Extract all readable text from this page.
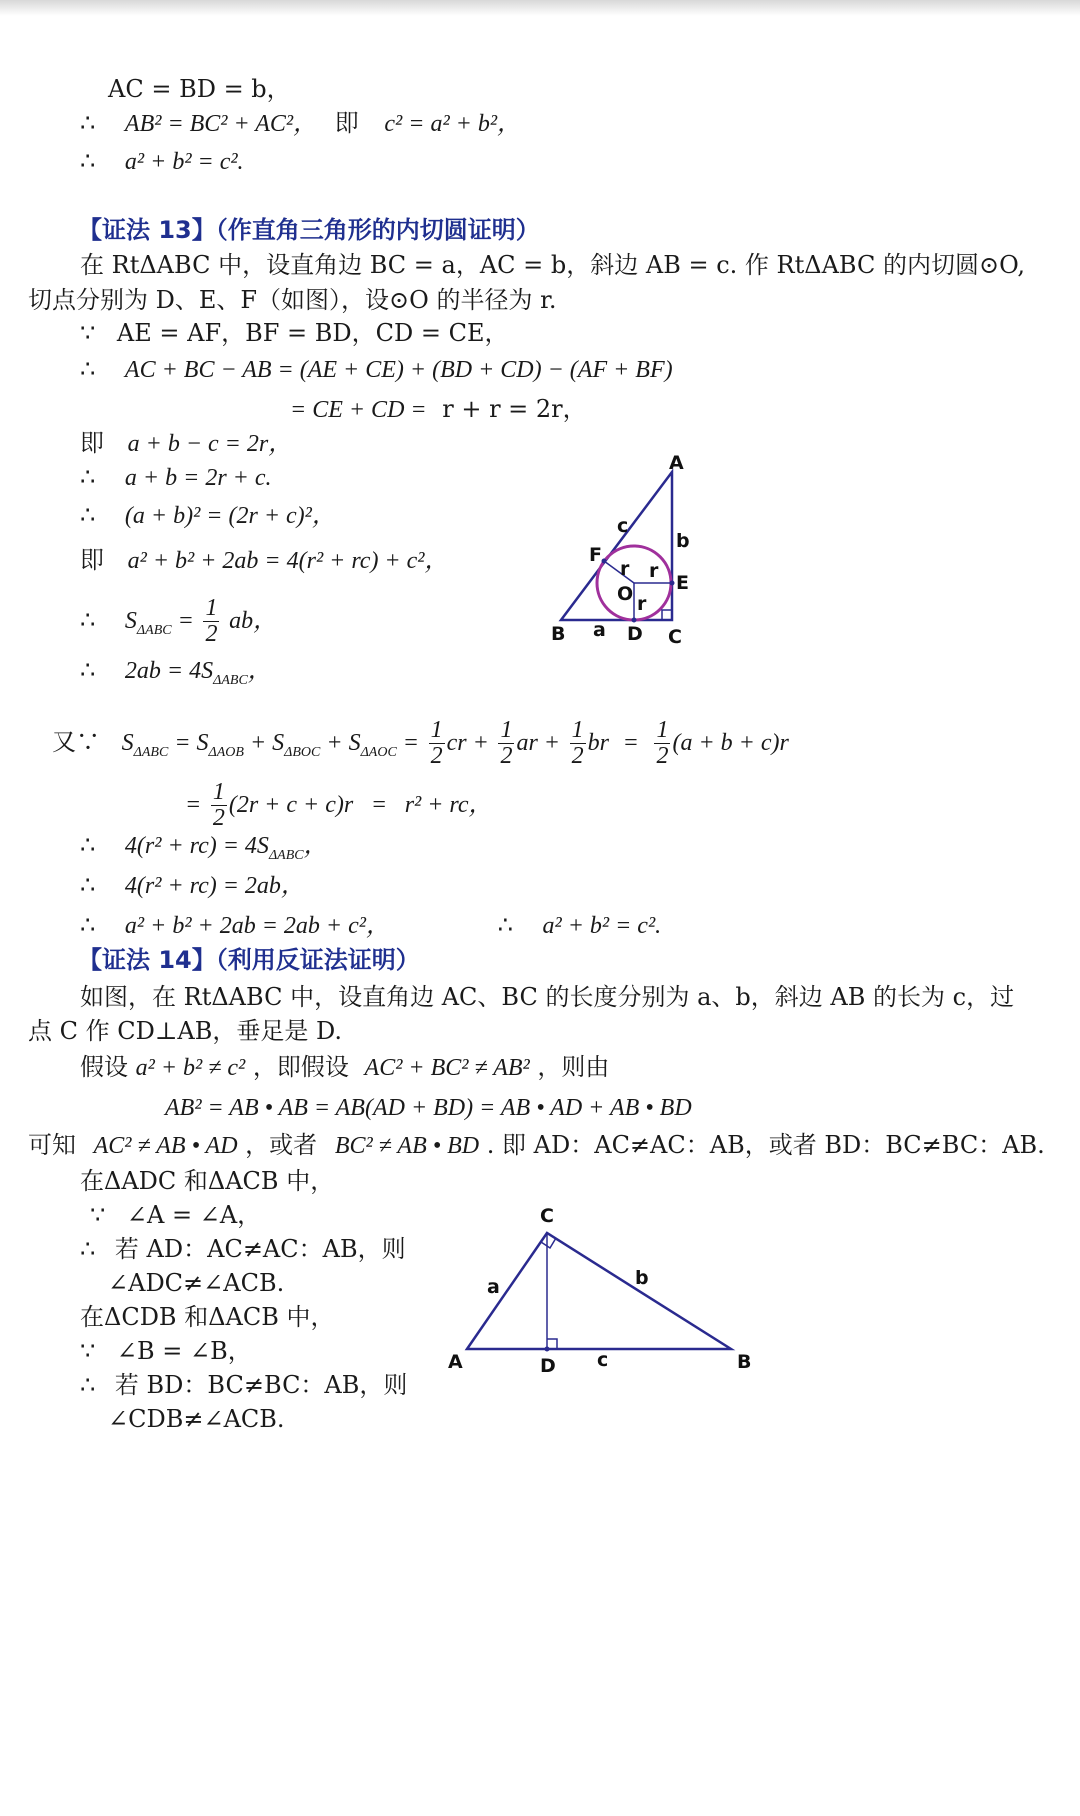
AC = BD = b，
∴ AB² = BC² + AC²， 即 c² = a² + b²，
∴ a² + b² = c².
【证法 13】（作直角三角形的内切圆证明）
在 RtΔABC 中，设直角边 BC = a，AC = b，斜边 AB = c. 作 RtΔABC 的内切圆⊙O,
切点分别为 D、E、F（如图），设⊙O 的半径为 r.
∵ AE = AF，BF = BD，CD = CE，
∴ AC + BC − AB = (AE + CE) + (BD + CD) − (AF + BF)
= CE + CD = r + r = 2r，
即 a + b − c = 2r，
∴ a + b = 2r + c.
∴ (a + b)² = (2r + c)²，
即 a² + b² + 2ab = 4(r² + rc) + c²，
∴ $S_{\Delta ABC} = \frac{1}{2}$ ab，
∴ $2ab = 4S_{\Delta ABC}$，
又∵ $S_{\Delta ABC} = S_{\Delta AOB} + S_{\Delta BOC} + S_{\Delta AOC} = \frac{1}{2}$ cr + $\frac{1}{2}$ ar + $\frac{1}{2}$ br = $\frac{1}{2} (a + b + c)r$
= $\frac{1}{2} (2r + c + c)r = r^2$ + rc，
∴ $4(r^2 + rc) = 4S_{\Delta ABC}$，
∴ 4(r² + rc) = 2ab，
∴ a² + b² + 2ab = 2ab + c²，	∴ a² + b² = c².
A
B	C
D
E
F
O
a
b
c
r r
r
【证法 14】（利用反证法证明）
如图，在 RtΔABC 中，设直角边 AC、BC 的长度分别为 a、b，斜边 AB 的长为 c，过
点 C 作 CD⊥AB，垂足是 D.
假设 a² + b² ≠ c² ，即假设 AC² + BC² ≠ AB² ，则由
AB² = AB • AB = AB(AD + BD) = AB • AD + AB • BD
可知 AC² ≠ AB • AD ，或者 BC² ≠ AB • BD . 即 AD：AC≠AC：AB，或者 BD：BC≠BC：AB.
在ΔADC 和ΔACB 中，
∵ ∠A = ∠A，
∴ 若 AD：AC≠AC：AB，则
∠ADC≠∠ACB.
在ΔCDB 和ΔACB 中，
∵ ∠B = ∠B，
∴ 若 BD：BC≠BC：AB，则
∠CDB≠∠ACB.
A	B
C
D
a	b
c
